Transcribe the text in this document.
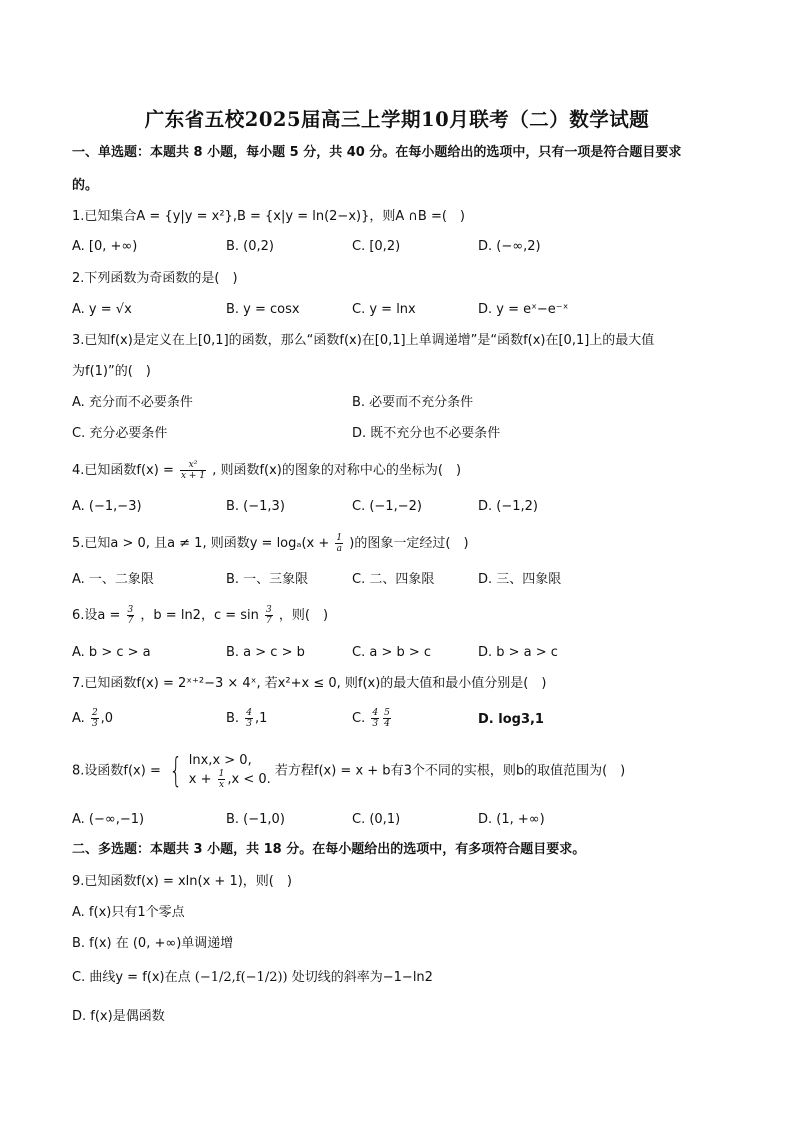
广东省五校2025届高三上学期10月联考（二）数学试题
一、单选题：本题共 8 小题，每小题 5 分，共 40 分。在每小题给出的选项中，只有一项是符合题目要求
的。
1.已知集合A = {y|y = x²},B = {x|y = ln(2−x)}，则A ∩B =(　)
A. [0, +∞)	B. (0,2)	C. [0,2)	D. (−∞,2)
2.下列函数为奇函数的是(　)
A. y = √x	B. y = cosx	C. y = lnx	D. y = eˣ−e⁻ˣ
3.已知f(x)是定义在上[0,1]的函数，那么“函数f(x)在[0,1]上单调递增”是“函数f(x)在[0,1]上的最大值
为f(1)”的(　)
A. 充分而不必要条件	B. 必要而不充分条件
C. 充分必要条件	D. 既不充分也不必要条件
4.已知函数$f(x) = \frac{\text{x²}}{x + 1}$ , 则函数f(x)的图象的对称中心的坐标为(　)
A. (−1,−3)	B. (−1,3)	C. (−1,−2)	D. (−1,2)
5.已知a > 0, 且a ≠ 1, 则函数$y = \log_a(x + \frac{1}{a}$ )的图象一定经过(　)
A. 一、二象限	B. 一、三象限	C. 二、四象限	D. 三、四象限
6.设$a = \frac{3}{7}$ ，b = ln2，$c = \sin \frac{3}{7}$ ，则(　)
A. b > c > a	B. a > c > b	C. a > b > c	D. b > a > c
7.已知函数f(x) = 2ˣ⁺²−3 × 4ˣ, 若x²+x ≤ 0, 则f(x)的最大值和最小值分别是(　)
A. $\frac{2}{3} ,0$	B. $\frac{4}{3} ,1$	C. $\frac{4}{3} \frac{5}{4}$	D. log3,1
8.设函数f(x) = { lnx,x > 0,
$x + \frac{1}{x} ,x < 0$.
若方程f(x) = x + b有3个不同的实根，则b的取值范围为(　)
A. (−∞,−1)	B. (−1,0)	C. (0,1)	D. (1, +∞)
二、多选题：本题共 3 小题，共 18 分。在每小题给出的选项中，有多项符合题目要求。
9.已知函数f(x) = xln(x + 1)，则(　)
A. f(x)只有1个零点
B. f(x) 在 (0, +∞)单调递增
C. 曲线y = f(x)在点 (−1/2,f(−1/2)) 处切线的斜率为−1−ln2
D. f(x)是偶函数
